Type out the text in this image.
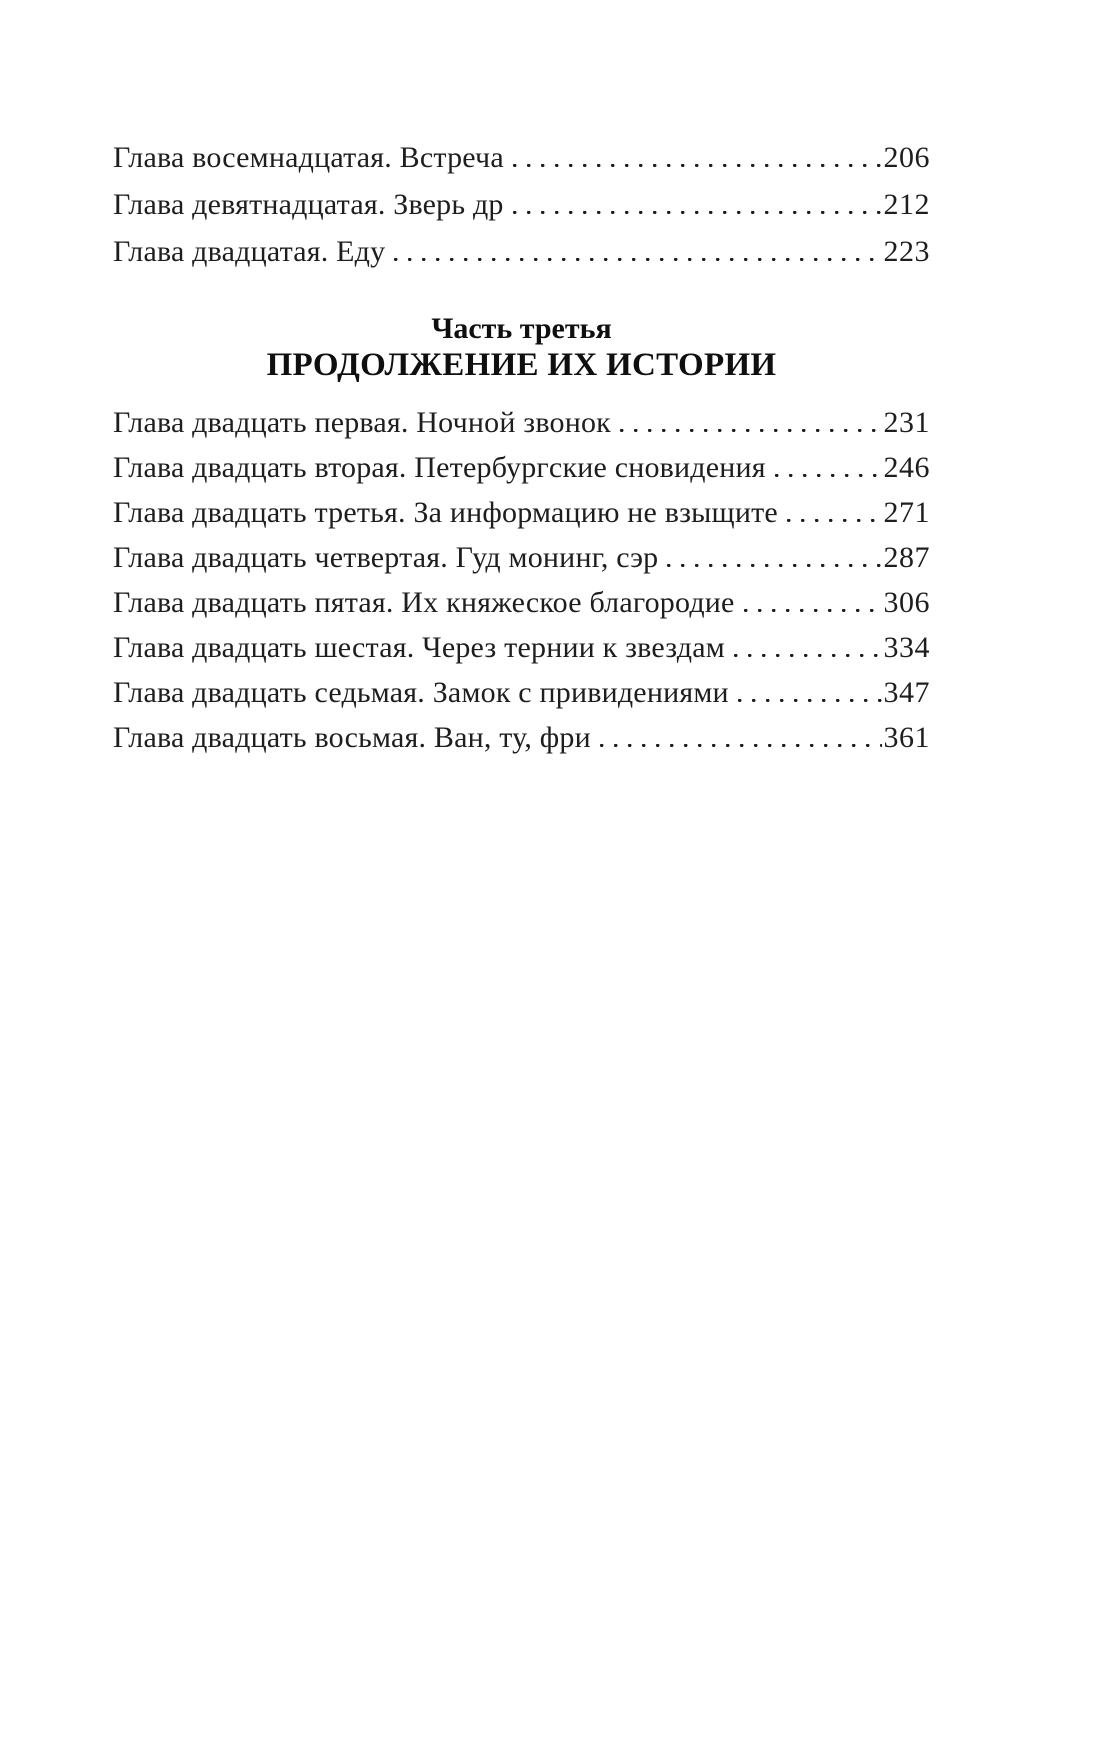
Глава восемнадцатая. Встреча	206
Глава девятнадцатая. Зверь др	212
Глава двадцатая. Еду	223
Часть третья
ПРОДОЛЖЕНИЕ ИХ ИСТОРИИ
Глава двадцать первая. Ночной звонок	231
Глава двадцать вторая. Петербургские сновидения	246
Глава двадцать третья. За информацию не взыщите	271
Глава двадцать четвертая. Гуд монинг, сэр	287
Глава двадцать пятая. Их княжеское благородие	306
Глава двадцать шестая. Через тернии к звездам	334
Глава двадцать седьмая. Замок с привидениями	347
Глава двадцать восьмая. Ван, ту, фри	361
